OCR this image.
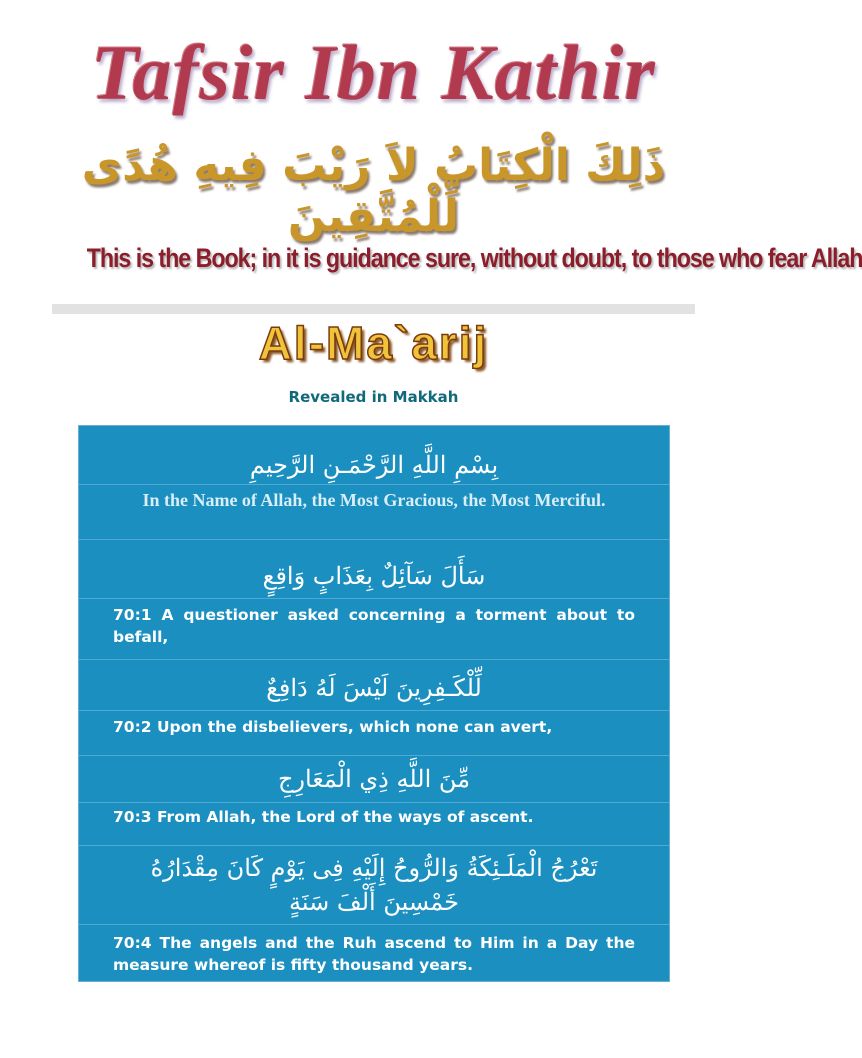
Tafsir Ibn Kathir
ذَلِكَ الْكِتَابُ لاَ رَيْبَ فِيهِ هُدًى لِّلْمُتَّقِينَ
This is the Book; in it is guidance sure, without doubt, to those who fear Allah
Al-Ma`arij
Revealed in Makkah
بِسْمِ اللَّهِ الرَّحْمَـنِ الرَّحِيمِ
In the Name of Allah, the Most Gracious, the Most Merciful.
سَأَلَ سَآئِلٌ بِعَذَابٍ وَاقِعٍ
70:1 A questioner asked concerning a torment about to befall,
لِّلْكَـفِرِينَ لَيْسَ لَهُ دَافِعٌ
70:2 Upon the disbelievers, which none can avert,
مِّنَ اللَّهِ ذِي الْمَعَارِجِ
70:3 From Allah, the Lord of the ways of ascent.
تَعْرُجُ الْمَلَـئِكَةُ وَالرُّوحُ إِلَيْهِ فِى يَوْمٍ كَانَ مِقْدَارُهُ
خَمْسِينَ أَلْفَ سَنَةٍ
70:4 The angels and the Ruh ascend to Him in a Day the measure whereof is fifty thousand years.
